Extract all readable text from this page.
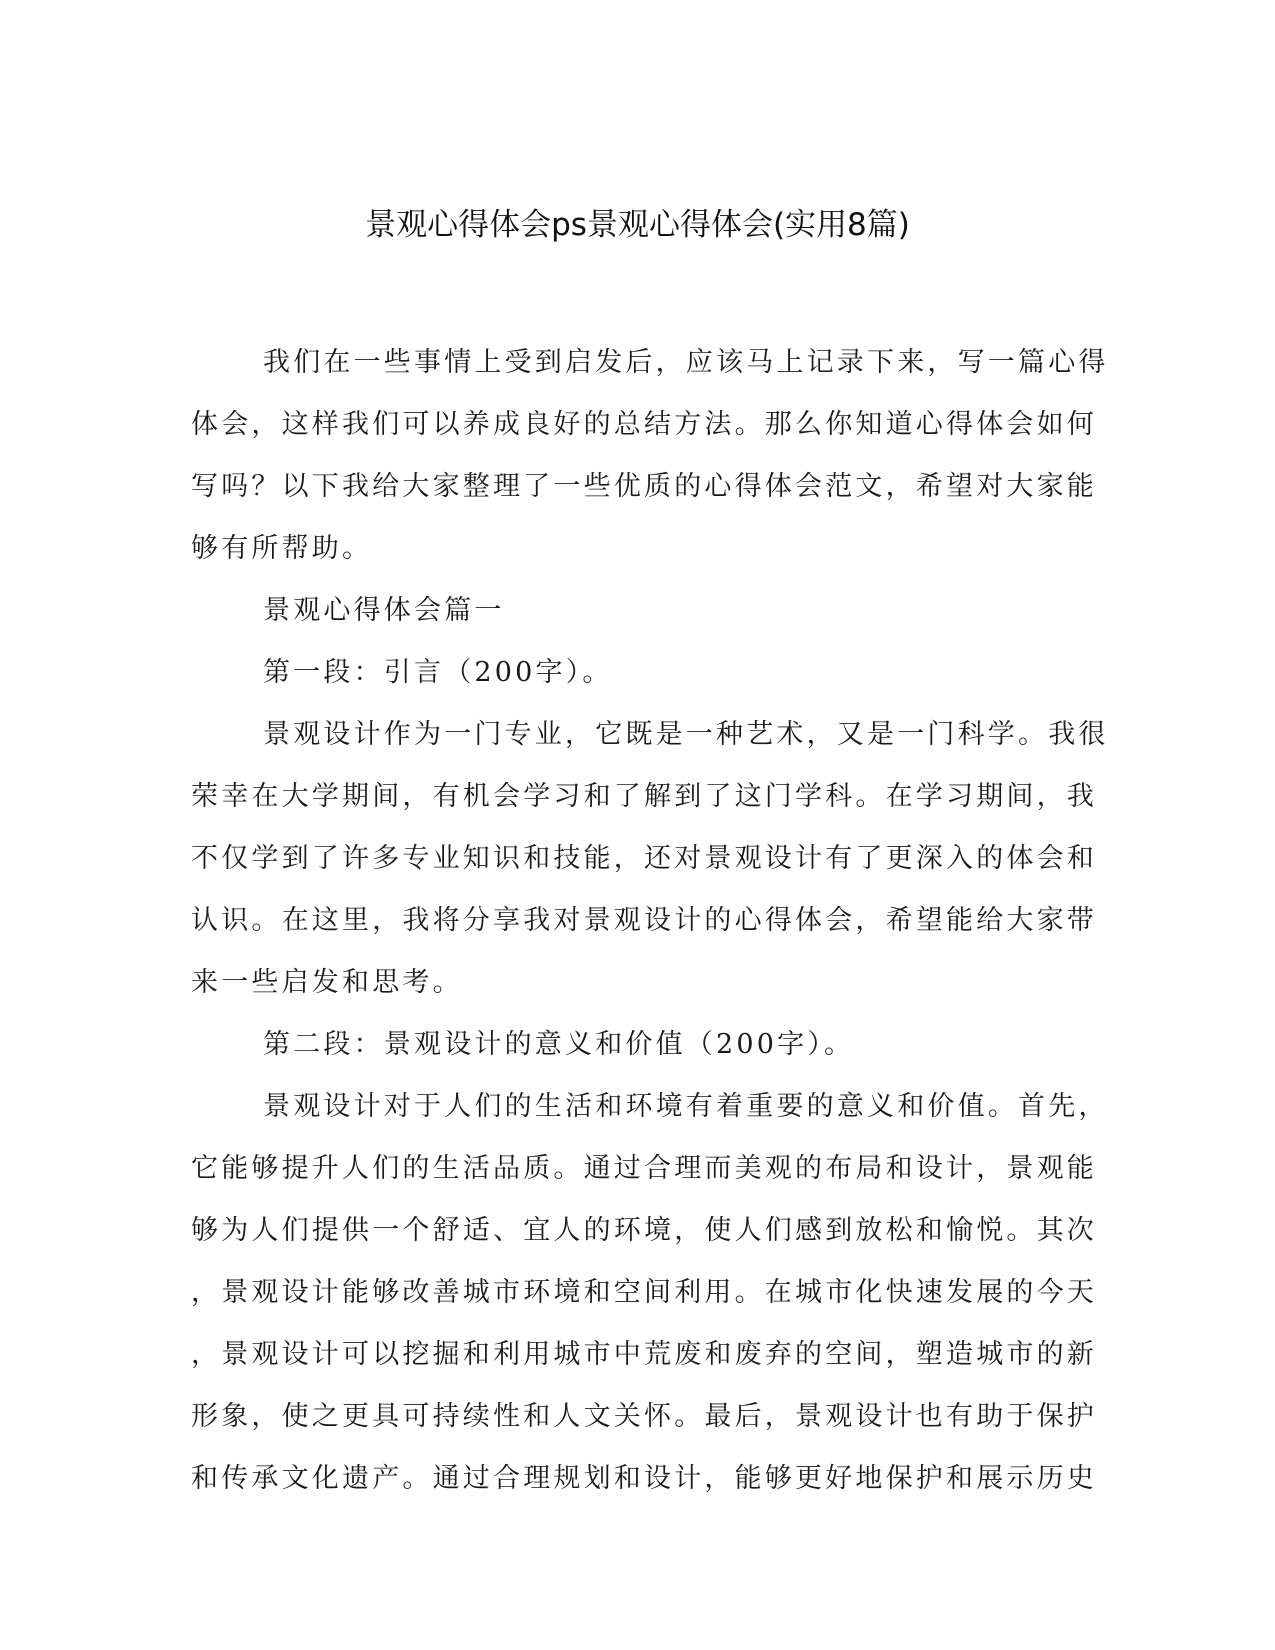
景观心得体会ps景观心得体会(实用8篇)
我们在一些事情上受到启发后，应该马上记录下来，写一篇心得
体会，这样我们可以养成良好的总结方法。那么你知道心得体会如何
写吗？以下我给大家整理了一些优质的心得体会范文，希望对大家能
够有所帮助。
景观心得体会篇一
第一段：引言（200字）。
景观设计作为一门专业，它既是一种艺术，又是一门科学。我很
荣幸在大学期间，有机会学习和了解到了这门学科。在学习期间，我
不仅学到了许多专业知识和技能，还对景观设计有了更深入的体会和
认识。在这里，我将分享我对景观设计的心得体会，希望能给大家带
来一些启发和思考。
第二段：景观设计的意义和价值（200字）。
景观设计对于人们的生活和环境有着重要的意义和价值。首先，
它能够提升人们的生活品质。通过合理而美观的布局和设计，景观能
够为人们提供一个舒适、宜人的环境，使人们感到放松和愉悦。其次
，景观设计能够改善城市环境和空间利用。在城市化快速发展的今天
，景观设计可以挖掘和利用城市中荒废和废弃的空间，塑造城市的新
形象，使之更具可持续性和人文关怀。最后，景观设计也有助于保护
和传承文化遗产。通过合理规划和设计，能够更好地保护和展示历史
